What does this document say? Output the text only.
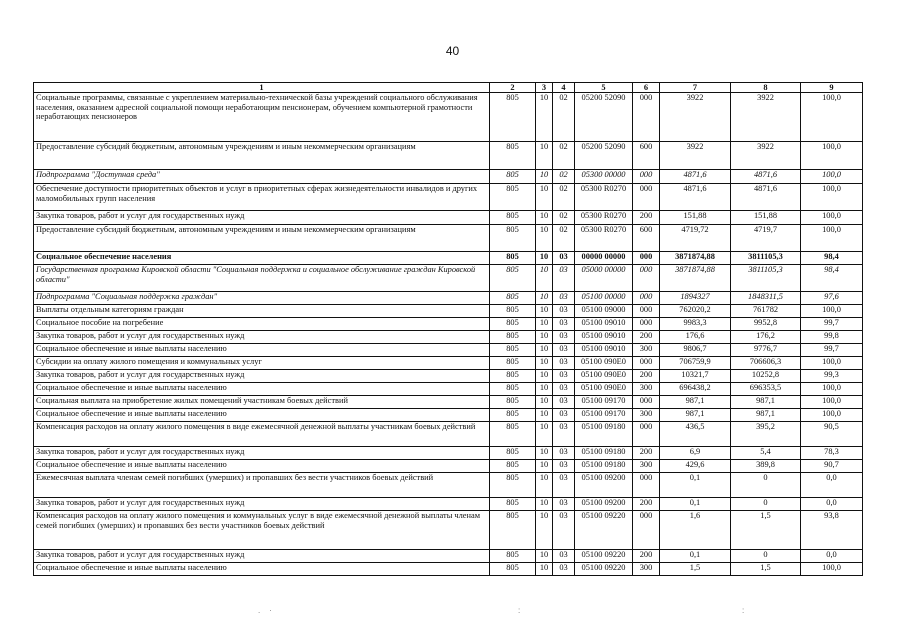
40
1	2	3	4	5	6	7	8	9
Социальные программы, связанные с укреплением материально-технической базы учреждений социального обслуживания населения, оказанием адресной социальной помощи неработающим пенсионерам, обучением компьютерной грамотности неработающих пенсионеров	805	10	02	05200 52090	000	3922	3922	100,0
Предоставление субсидий бюджетным, автономным учреждениям и иным некоммерческим организациям	805	10	02	05200 52090	600	3922	3922	100,0
Подпрограмма "Доступная среда"	805	10	02	05300 00000	000	4871,6	4871,6	100,0
Обеспечение доступности приоритетных объектов и услуг в приоритетных сферах жизнедеятельности инвалидов и других маломобильных групп населения	805	10	02	05300 R0270	000	4871,6	4871,6	100,0
Закупка товаров, работ и услуг для государственных нужд	805	10	02	05300 R0270	200	151,88	151,88	100,0
Предоставление субсидий бюджетным, автономным учреждениям и иным некоммерческим организациям	805	10	02	05300 R0270	600	4719,72	4719,7	100,0
Социальное обеспечение населения	805	10	03	00000 00000	000	3871874,88	3811105,3	98,4
Государственная программа Кировской области "Социальная поддержка и социальное обслуживание граждан Кировской области"	805	10	03	05000 00000	000	3871874,88	3811105,3	98,4
Подпрограмма "Социальная поддержка граждан"	805	10	03	05100 00000	000	1894327	1848311,5	97,6
Выплаты отдельным категориям граждан	805	10	03	05100 09000	000	762020,2	761782	100,0
Социальное пособие на погребение	805	10	03	05100 09010	000	9983,3	9952,8	99,7
Закупка товаров, работ и услуг для государственных нужд	805	10	03	05100 09010	200	176,6	176,2	99,8
Социальное обеспечение и иные выплаты населению	805	10	03	05100 09010	300	9806,7	9776,7	99,7
Субсидии на оплату жилого помещения и коммунальных услуг	805	10	03	05100 090E0	000	706759,9	706606,3	100,0
Закупка товаров, работ и услуг для государственных нужд	805	10	03	05100 090E0	200	10321,7	10252,8	99,3
Социальное обеспечение и иные выплаты населению	805	10	03	05100 090E0	300	696438,2	696353,5	100,0
Социальная выплата на приобретение жилых помещений участникам боевых действий	805	10	03	05100 09170	000	987,1	987,1	100,0
Социальное обеспечение и иные выплаты населению	805	10	03	05100 09170	300	987,1	987,1	100,0
Компенсация расходов на оплату жилого помещения в виде ежемесячной денежной выплаты участникам боевых действий	805	10	03	05100 09180	000	436,5	395,2	90,5
Закупка товаров, работ и услуг для государственных нужд	805	10	03	05100 09180	200	6,9	5,4	78,3
Социальное обеспечение и иные выплаты населению	805	10	03	05100 09180	300	429,6	389,8	90,7
Ежемесячная выплата членам семей погибших (умерших) и пропавших без вести участников боевых действий	805	10	03	05100 09200	000	0,1	0	0,0
Закупка товаров, работ и услуг для государственных нужд	805	10	03	05100 09200	200	0,1	0	0,0
Компенсация расходов на оплату жилого помещения и коммунальных услуг в виде ежемесячной денежной выплаты членам семей погибших (умерших) и пропавших без вести участников боевых действий	805	10	03	05100 09220	000	1,6	1,5	93,8
Закупка товаров, работ и услуг для государственных нужд	805	10	03	05100 09220	200	0,1	0	0,0
Социальное обеспечение и иные выплаты населению	805	10	03	05100 09220	300	1,5	1,5	100,0
.    ·	:	:
